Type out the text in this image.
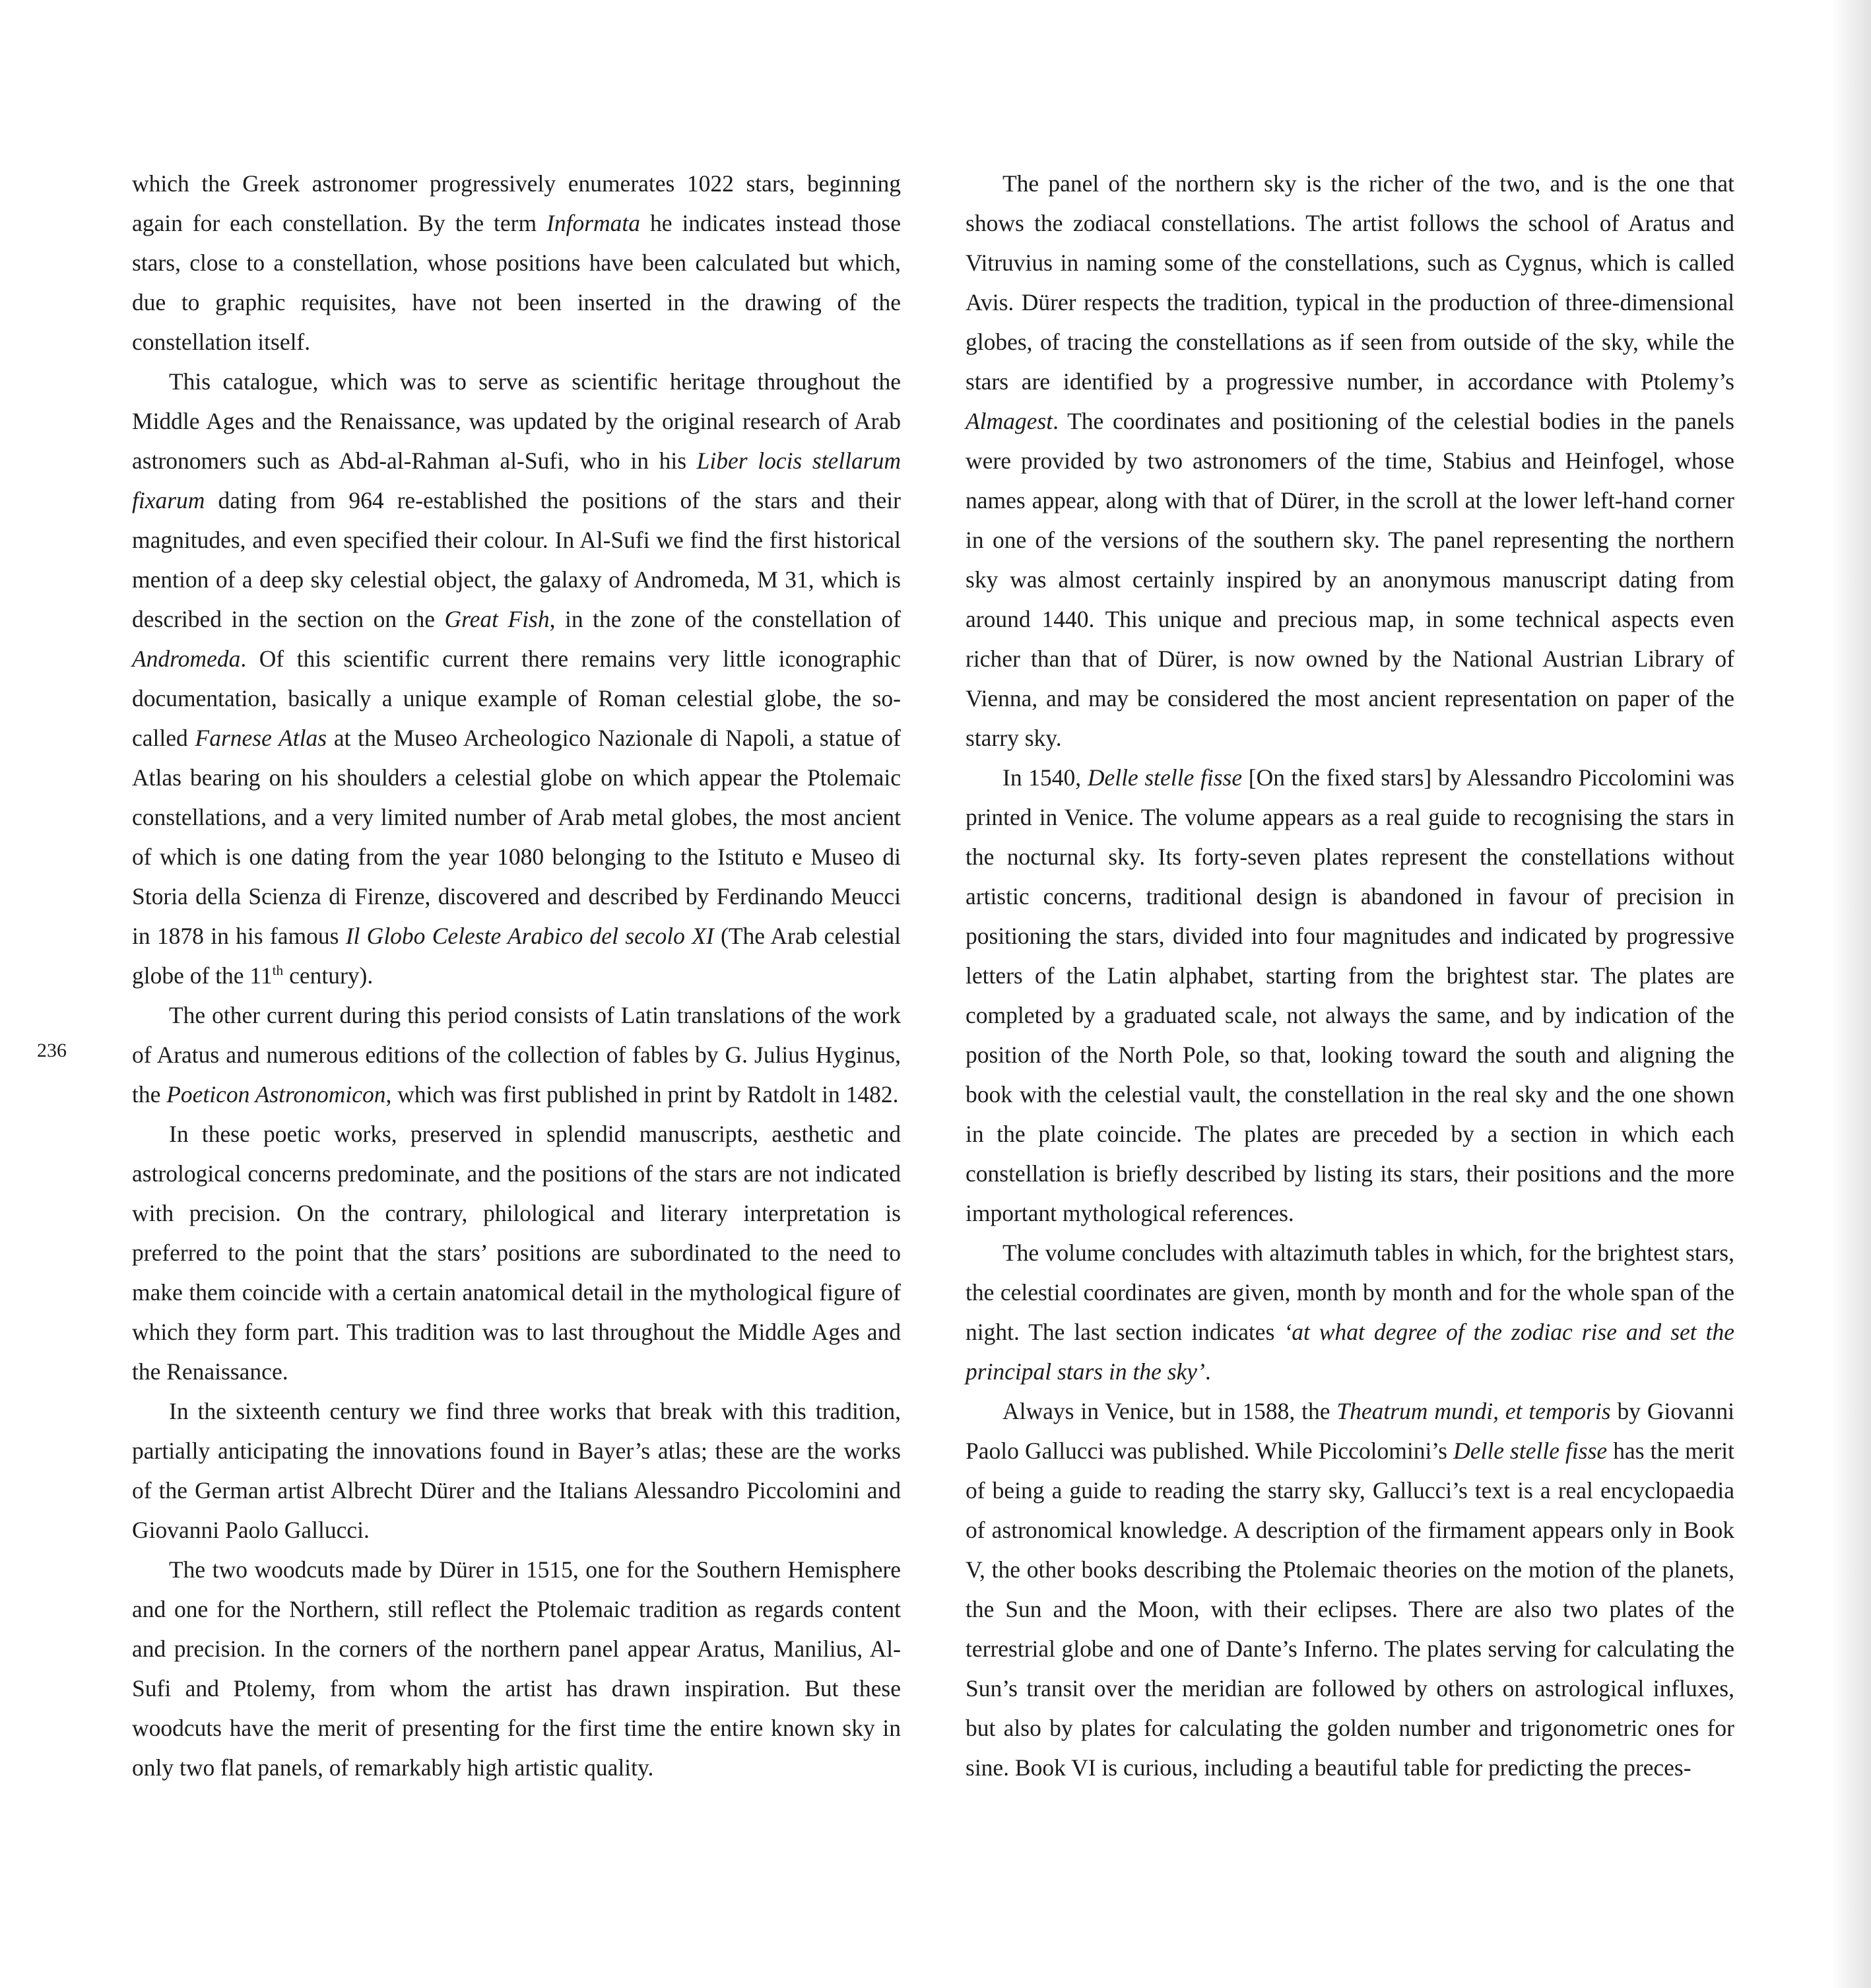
236

which the Greek astronomer progressively enumerates 1022 stars, beginning again for each constellation. By the term Informata he indicates instead those stars, close to a constellation, whose positions have been calculated but which, due to graphic requisites, have not been inserted in the drawing of the constellation itself.

This catalogue, which was to serve as scientific heritage throughout the Middle Ages and the Renaissance, was updated by the original research of Arab astronomers such as Abd-al-Rahman al-Sufi, who in his Liber locis stellarum fixarum dating from 964 re-established the positions of the stars and their magnitudes, and even specified their colour. In Al-Sufi we find the first historical mention of a deep sky celestial object, the galaxy of Andromeda, M 31, which is described in the section on the Great Fish, in the zone of the constellation of Andromeda. Of this scientific current there remains very little iconographic documentation, basically a unique example of Roman celestial globe, the so-called Farnese Atlas at the Museo Archeologico Nazionale di Napoli, a statue of Atlas bearing on his shoulders a celestial globe on which appear the Ptolemaic constellations, and a very limited number of Arab metal globes, the most ancient of which is one dating from the year 1080 belonging to the Istituto e Museo di Storia della Scienza di Firenze, discovered and described by Ferdinando Meucci in 1878 in his famous Il Globo Celeste Arabico del secolo XI (The Arab celestial globe of the 11th century).

The other current during this period consists of Latin translations of the work of Aratus and numerous editions of the collection of fables by G. Julius Hyginus, the Poeticon Astronomicon, which was first published in print by Ratdolt in 1482.

In these poetic works, preserved in splendid manuscripts, aesthetic and astrological concerns predominate, and the positions of the stars are not indicated with precision. On the contrary, philological and literary interpretation is preferred to the point that the stars’ positions are subordinated to the need to make them coincide with a certain anatomical detail in the mythological figure of which they form part. This tradition was to last throughout the Middle Ages and the Renaissance.

In the sixteenth century we find three works that break with this tradition, partially anticipating the innovations found in Bayer’s atlas; these are the works of the German artist Albrecht Dürer and the Italians Alessandro Piccolomini and Giovanni Paolo Gallucci.

The two woodcuts made by Dürer in 1515, one for the Southern Hemisphere and one for the Northern, still reflect the Ptolemaic tradition as regards content and precision. In the corners of the northern panel appear Aratus, Manilius, Al-Sufi and Ptolemy, from whom the artist has drawn inspiration. But these woodcuts have the merit of presenting for the first time the entire known sky in only two flat panels, of remarkably high artistic quality.

The panel of the northern sky is the richer of the two, and is the one that shows the zodiacal constellations. The artist follows the school of Aratus and Vitruvius in naming some of the constellations, such as Cygnus, which is called Avis. Dürer respects the tradition, typical in the production of three-dimensional globes, of tracing the constellations as if seen from outside of the sky, while the stars are identified by a progressive number, in accordance with Ptolemy’s Almagest. The coordinates and positioning of the celestial bodies in the panels were provided by two astronomers of the time, Stabius and Heinfogel, whose names appear, along with that of Dürer, in the scroll at the lower left-hand corner in one of the versions of the southern sky. The panel representing the northern sky was almost certainly inspired by an anonymous manuscript dating from around 1440. This unique and precious map, in some technical aspects even richer than that of Dürer, is now owned by the National Austrian Library of Vienna, and may be considered the most ancient representation on paper of the starry sky.

In 1540, Delle stelle fisse [On the fixed stars] by Alessandro Piccolomini was printed in Venice. The volume appears as a real guide to recognising the stars in the nocturnal sky. Its forty-seven plates represent the constellations without artistic concerns, traditional design is abandoned in favour of precision in positioning the stars, divided into four magnitudes and indicated by progressive letters of the Latin alphabet, starting from the brightest star. The plates are completed by a graduated scale, not always the same, and by indication of the position of the North Pole, so that, looking toward the south and aligning the book with the celestial vault, the constellation in the real sky and the one shown in the plate coincide. The plates are preceded by a section in which each constellation is briefly described by listing its stars, their positions and the more important mythological references.

The volume concludes with altazimuth tables in which, for the brightest stars, the celestial coordinates are given, month by month and for the whole span of the night. The last section indicates ‘at what degree of the zodiac rise and set the principal stars in the sky’.

Always in Venice, but in 1588, the Theatrum mundi, et temporis by Giovanni Paolo Gallucci was published. While Piccolomini’s Delle stelle fisse has the merit of being a guide to reading the starry sky, Gallucci’s text is a real encyclopaedia of astronomical knowledge. A description of the firmament appears only in Book V, the other books describing the Ptolemaic theories on the motion of the planets, the Sun and the Moon, with their eclipses. There are also two plates of the terrestrial globe and one of Dante’s Inferno. The plates serving for calculating the Sun’s transit over the meridian are followed by others on astrological influxes, but also by plates for calculating the golden number and trigonometric ones for sine. Book VI is curious, including a beautiful table for predicting the preces-
